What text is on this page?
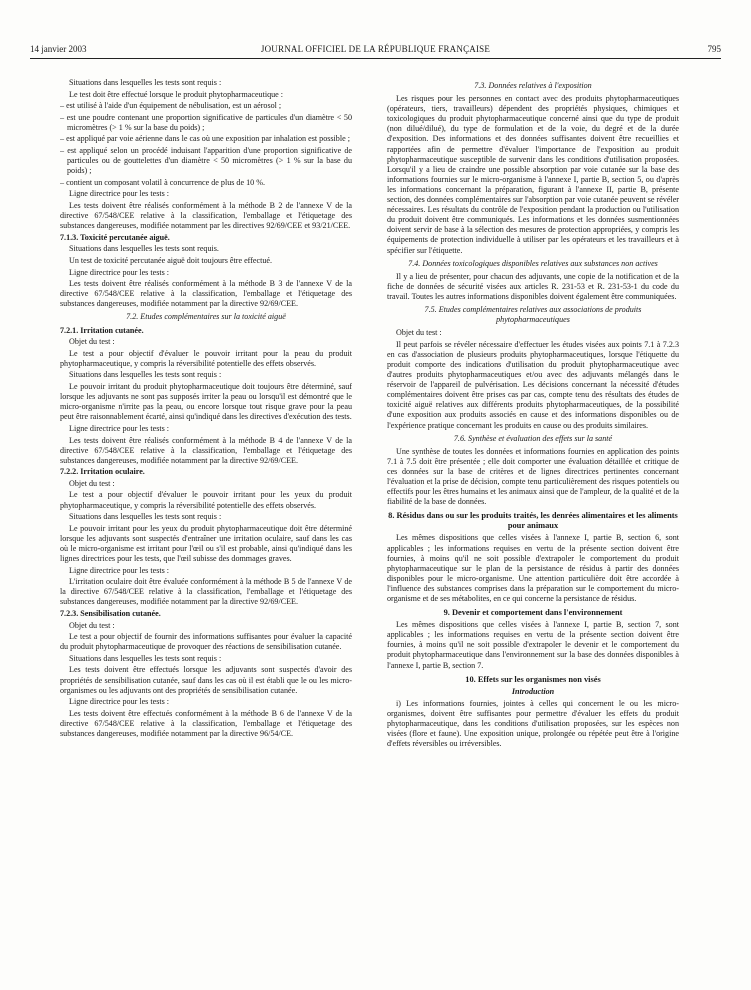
14 janvier 2003	JOURNAL OFFICIEL DE LA RÉPUBLIQUE FRANÇAISE	795

Situations dans lesquelles les tests sont requis :

Le test doit être effectué lorsque le produit phytopharmaceutique :

– est utilisé à l'aide d'un équipement de nébulisation, est un aérosol ;

– est une poudre contenant une proportion significative de particules d'un diamètre < 50 micromètres (> 1 % sur la base du poids) ;

– est appliqué par voie aérienne dans le cas où une exposition par inhalation est possible ;

– est appliqué selon un procédé induisant l'apparition d'une proportion significative de particules ou de gouttelettes d'un diamètre < 50 micromètres (> 1 % sur la base du poids) ;

– contient un composant volatil à concurrence de plus de 10 %.

Ligne directrice pour les tests :

Les tests doivent être réalisés conformément à la méthode B 2 de l'annexe V de la directive 67/548/CEE relative à la classification, l'emballage et l'étiquetage des substances dangereuses, modifiée notamment par les directives 92/69/CEE et 93/21/CEE.

7.1.3. Toxicité percutanée aiguë.

Situations dans lesquelles les tests sont requis.

Un test de toxicité percutanée aiguë doit toujours être effectué.

Ligne directrice pour les tests :

Les tests doivent être réalisés conformément à la méthode B 3 de l'annexe V de la directive 67/548/CEE relative à la classification, l'emballage et l'étiquetage des substances dangereuses, modifiée notamment par la directive 92/69/CEE.

7.2. Etudes complémentaires sur la toxicité aiguë

7.2.1. Irritation cutanée.

Objet du test :

Le test a pour objectif d'évaluer le pouvoir irritant pour la peau du produit phytopharmaceutique, y compris la réversibilité potentielle des effets observés.

Situations dans lesquelles les tests sont requis :

Le pouvoir irritant du produit phytopharmaceutique doit toujours être déterminé, sauf lorsque les adjuvants ne sont pas supposés irriter la peau ou lorsqu'il est démontré que le micro-organisme n'irrite pas la peau, ou encore lorsque tout risque grave pour la peau peut être raisonnablement écarté, ainsi qu'indiqué dans les directives d'exécution des tests.

Ligne directrice pour les tests :

Les tests doivent être réalisés conformément à la méthode B 4 de l'annexe V de la directive 67/548/CEE relative à la classification, l'emballage et l'étiquetage des substances dangereuses, modifiée notamment par la directive 92/69/CEE.

7.2.2. Irritation oculaire.

Objet du test :

Le test a pour objectif d'évaluer le pouvoir irritant pour les yeux du produit phytopharmaceutique, y compris la réversibilité potentielle des effets observés.

Situations dans lesquelles les tests sont requis :

Le pouvoir irritant pour les yeux du produit phytopharmaceutique doit être déterminé lorsque les adjuvants sont suspectés d'entraîner une irritation oculaire, sauf dans les cas où le micro-organisme est irritant pour l'œil ou s'il est probable, ainsi qu'indiqué dans les lignes directrices pour les tests, que l'œil subisse des dommages graves.

Ligne directrice pour les tests :

L'irritation oculaire doit être évaluée conformément à la méthode B 5 de l'annexe V de la directive 67/548/CEE relative à la classification, l'emballage et l'étiquetage des substances dangereuses, modifiée notamment par la directive 92/69/CEE.

7.2.3. Sensibilisation cutanée.

Objet du test :

Le test a pour objectif de fournir des informations suffisantes pour évaluer la capacité du produit phytopharmaceutique de provoquer des réactions de sensibilisation cutanée.

Situations dans lesquelles les tests sont requis :

Les tests doivent être effectués lorsque les adjuvants sont suspectés d'avoir des propriétés de sensibilisation cutanée, sauf dans les cas où il est établi que le ou les micro-organismes ou les adjuvants ont des propriétés de sensibilisation cutanée.

Ligne directrice pour les tests :

Les tests doivent être effectués conformément à la méthode B 6 de l'annexe V de la directive 67/548/CEE relative à la classification, l'emballage et l'étiquetage des substances dangereuses, modifiée notamment par la directive 96/54/CE.

7.3. Données relatives à l'exposition

Les risques pour les personnes en contact avec des produits phytopharmaceutiques (opérateurs, tiers, travailleurs) dépendent des propriétés physiques, chimiques et toxicologiques du produit phytopharmaceutique concerné ainsi que du type de produit (non dilué/dilué), du type de formulation et de la voie, du degré et de la durée d'exposition. Des informations et des données suffisantes doivent être recueillies et rapportées afin de permettre d'évaluer l'importance de l'exposition au produit phytopharmaceutique susceptible de survenir dans les conditions d'utilisation proposées. Lorsqu'il y a lieu de craindre une possible absorption par voie cutanée sur la base des informations fournies sur le micro-organisme à l'annexe I, partie B, section 5, ou d'après les informations concernant la préparation, figurant à l'annexe II, partie B, présente section, des données complémentaires sur l'absorption par voie cutanée peuvent se révéler nécessaires. Les résultats du contrôle de l'exposition pendant la production ou l'utilisation du produit doivent être communiqués. Les informations et les données susmentionnées doivent servir de base à la sélection des mesures de protection appropriées, y compris les équipements de protection individuelle à utiliser par les opérateurs et les travailleurs et à spécifier sur l'étiquette.

7.4. Données toxicologiques disponibles relatives aux substances non actives

Il y a lieu de présenter, pour chacun des adjuvants, une copie de la notification et de la fiche de données de sécurité visées aux articles R. 231-53 et R. 231-53-1 du code du travail. Toutes les autres informations disponibles doivent également être communiquées.

7.5. Etudes complémentaires relatives aux associations de produits phytopharmaceutiques

Objet du test :

Il peut parfois se révéler nécessaire d'effectuer les études visées aux points 7.1 à 7.2.3 en cas d'association de plusieurs produits phytopharmaceutiques, lorsque l'étiquette du produit comporte des indications d'utilisation du produit phytopharmaceutique avec d'autres produits phytopharmaceutiques et/ou avec des adjuvants mélangés dans le réservoir de l'appareil de pulvérisation. Les décisions concernant la nécessité d'études complémentaires doivent être prises cas par cas, compte tenu des résultats des études de toxicité aiguë relatives aux différents produits phytopharmaceutiques, de la possibilité d'une exposition aux produits associés en cause et des informations disponibles ou de l'expérience pratique concernant les produits en cause ou des produits similaires.

7.6. Synthèse et évaluation des effets sur la santé

Une synthèse de toutes les données et informations fournies en application des points 7.1 à 7.5 doit être présentée ; elle doit comporter une évaluation détaillée et critique de ces données sur la base de critères et de lignes directrices pertinentes concernant l'évaluation et la prise de décision, compte tenu particulièrement des risques potentiels ou effectifs pour les êtres humains et les animaux ainsi que de l'ampleur, de la qualité et de la fiabilité de la base de données.

8. Résidus dans ou sur les produits traités, les denrées alimentaires et les aliments pour animaux

Les mêmes dispositions que celles visées à l'annexe I, partie B, section 6, sont applicables ; les informations requises en vertu de la présente section doivent être fournies, à moins qu'il ne soit possible d'extrapoler le comportement du produit phytopharmaceutique sur le plan de la persistance de résidus à partir des données disponibles pour le micro-organisme. Une attention particulière doit être accordée à l'influence des substances comprises dans la préparation sur le comportement du micro-organisme et de ses métabolites, en ce qui concerne la persistance de résidus.

9. Devenir et comportement dans l'environnement

Les mêmes dispositions que celles visées à l'annexe I, partie B, section 7, sont applicables ; les informations requises en vertu de la présente section doivent être fournies, à moins qu'il ne soit possible d'extrapoler le devenir et le comportement du produit phytopharmaceutique dans l'environnement sur la base des données disponibles à l'annexe I, partie B, section 7.

10. Effets sur les organismes non visés

Introduction

i) Les informations fournies, jointes à celles qui concernent le ou les micro-organismes, doivent être suffisantes pour permettre d'évaluer les effets du produit phytopharmaceutique, dans les conditions d'utilisation proposées, sur les espèces non visées (flore et faune). Une exposition unique, prolongée ou répétée peut être à l'origine d'effets réversibles ou irréversibles.
